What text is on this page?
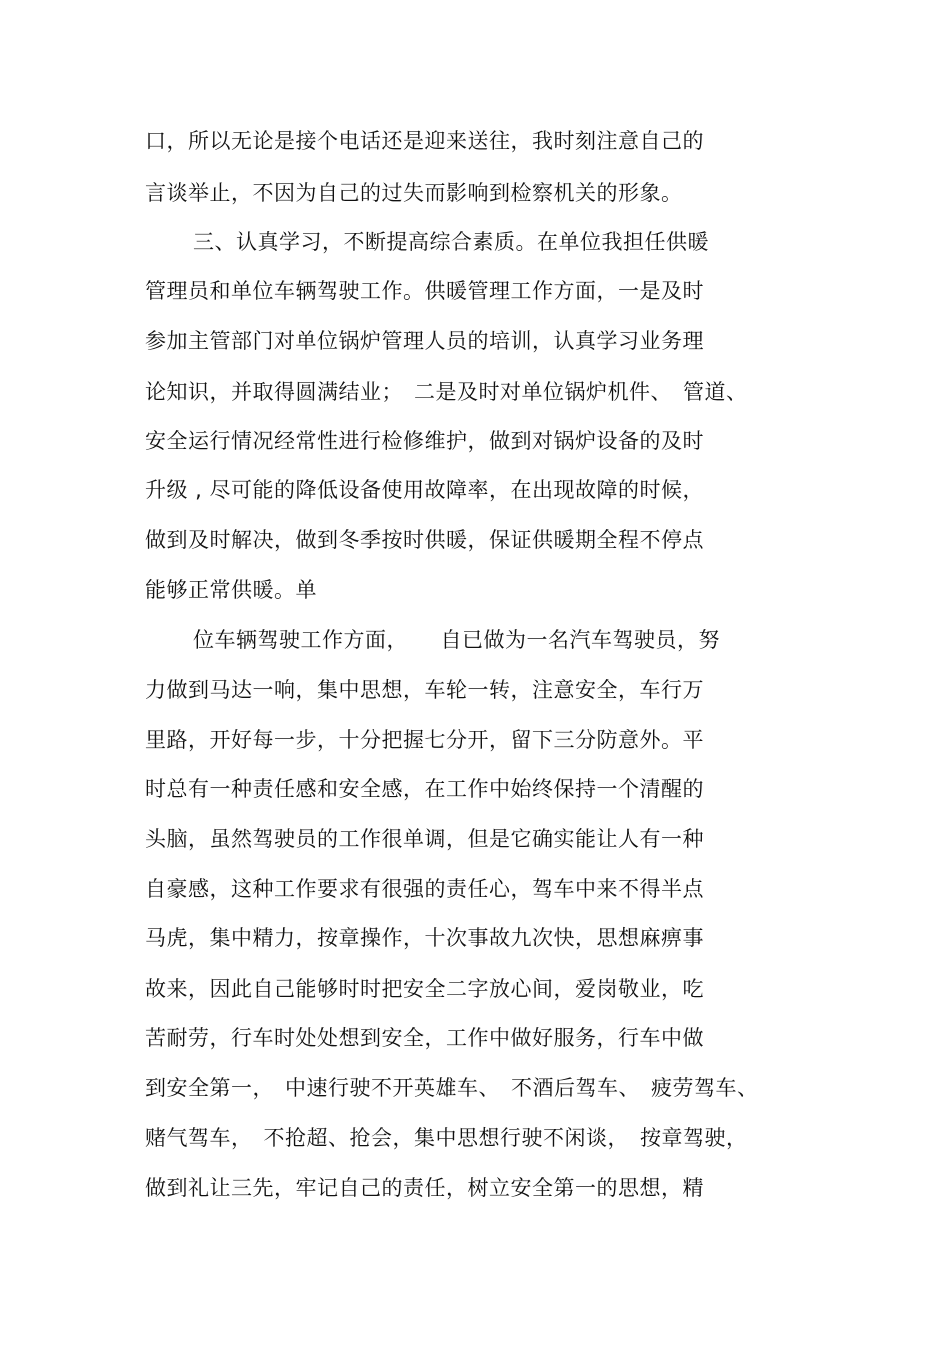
口，所以无论是接个电话还是迎来送往，我时刻注意自己的
言谈举止，不因为自己的过失而影响到检察机关的形象。
三、认真学习，不断提高综合素质。在单位我担任供暖
管理员和单位车辆驾驶工作。供暖管理工作方面，一是及时
参加主管部门对单位锅炉管理人员的培训，认真学习业务理
论知识，并取得圆满结业；　二是及时对单位锅炉机件、　管道、
安全运行情况经常性进行检修维护，做到对锅炉设备的及时
升级 , 尽可能的降低设备使用故障率，在出现故障的时候，
做到及时解决，做到冬季按时供暖，保证供暖期全程不停点
能够正常供暖。单
位车辆驾驶工作方面，　　自已做为一名汽车驾驶员，努
力做到马达一响，集中思想，车轮一转，注意安全，车行万
里路，开好每一步，十分把握七分开，留下三分防意外。平
时总有一种责任感和安全感，在工作中始终保持一个清醒的
头脑，虽然驾驶员的工作很单调，但是它确实能让人有一种
自豪感，这种工作要求有很强的责任心，驾车中来不得半点
马虎，集中精力，按章操作，十次事故九次快，思想麻痹事
故来，因此自己能够时时把安全二字放心间，爱岗敬业，吃
苦耐劳，行车时处处想到安全，工作中做好服务，行车中做
到安全第一，　中速行驶不开英雄车、　不酒后驾车、　疲劳驾车、
赌气驾车，　不抢超、抢会，集中思想行驶不闲谈，　按章驾驶，
做到礼让三先，牢记自己的责任，树立安全第一的思想，精
